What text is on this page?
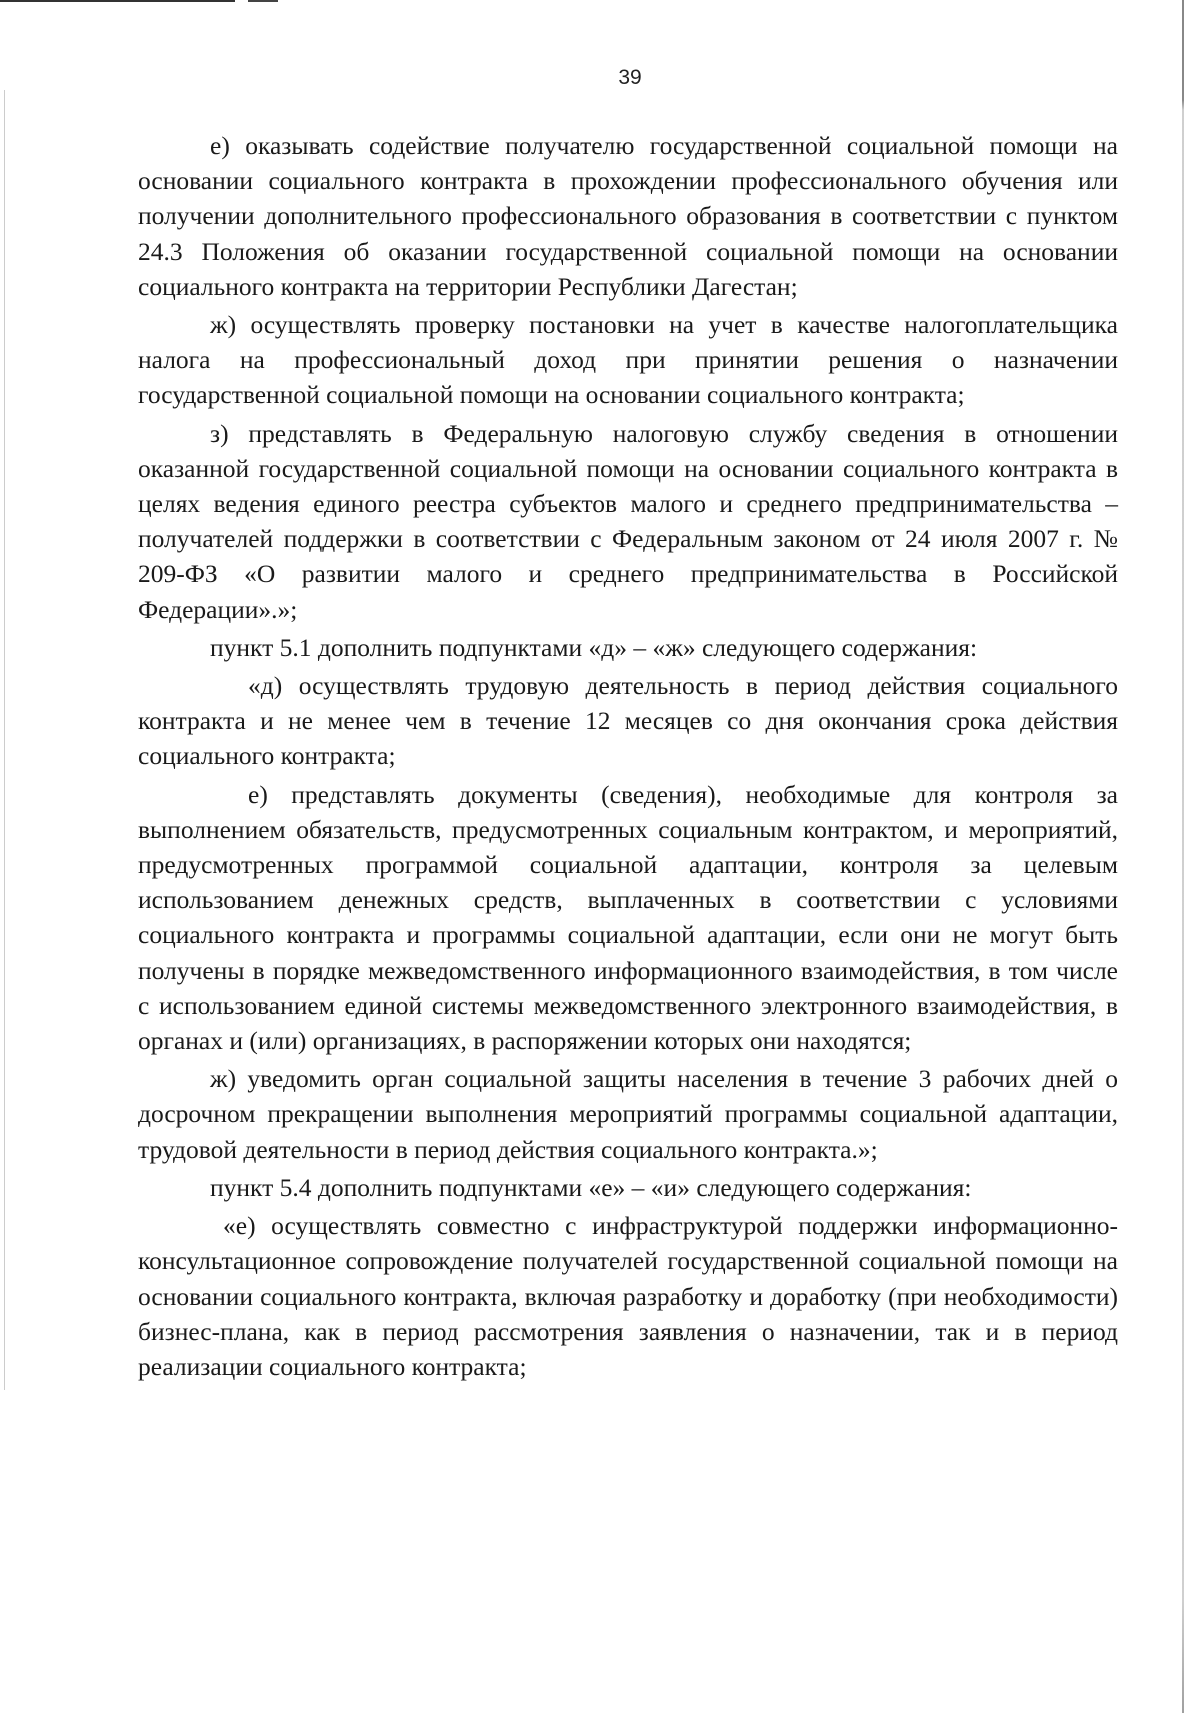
39

е) оказывать содействие получателю государственной социальной помощи на основании социального контракта в прохождении профессионального обучения или получении дополнительного профессионального образования в соответствии с пунктом 24.3 Положения об оказании государственной социальной помощи на основании социального контракта на территории Республики Дагестан;

ж) осуществлять проверку постановки на учет в качестве налогоплательщика налога на профессиональный доход при принятии решения о назначении государственной социальной помощи на основании социального контракта;

з) представлять в Федеральную налоговую службу сведения в отношении оказанной государственной социальной помощи на основании социального контракта в целях ведения единого реестра субъектов малого и среднего предпринимательства – получателей поддержки в соответствии с Федеральным законом от 24 июля 2007 г. № 209-ФЗ «О развитии малого и среднего предпринимательства в Российской Федерации».»;

пункт 5.1 дополнить подпунктами «д» – «ж» следующего содержания:

«д) осуществлять трудовую деятельность в период действия социального контракта и не менее чем в течение 12 месяцев со дня окончания срока действия социального контракта;

е) представлять документы (сведения), необходимые для контроля за выполнением обязательств, предусмотренных социальным контрактом, и мероприятий, предусмотренных программой социальной адаптации, контроля за целевым использованием денежных средств, выплаченных в соответствии с условиями социального контракта и программы социальной адаптации, если они не могут быть получены в порядке межведомственного информационного взаимодействия, в том числе с использованием единой системы межведомственного электронного взаимодействия, в органах и (или) организациях, в распоряжении которых они находятся;

ж) уведомить орган социальной защиты населения в течение 3 рабочих дней о досрочном прекращении выполнения мероприятий программы социальной адаптации, трудовой деятельности в период действия социального контракта.»;

пункт 5.4 дополнить подпунктами «е» – «и» следующего содержания:

«е) осуществлять совместно с инфраструктурой поддержки информационно-консультационное сопровождение получателей государственной социальной помощи на основании социального контракта, включая разработку и доработку (при необходимости) бизнес-плана, как в период рассмотрения заявления о назначении, так и в период реализации социального контракта;
